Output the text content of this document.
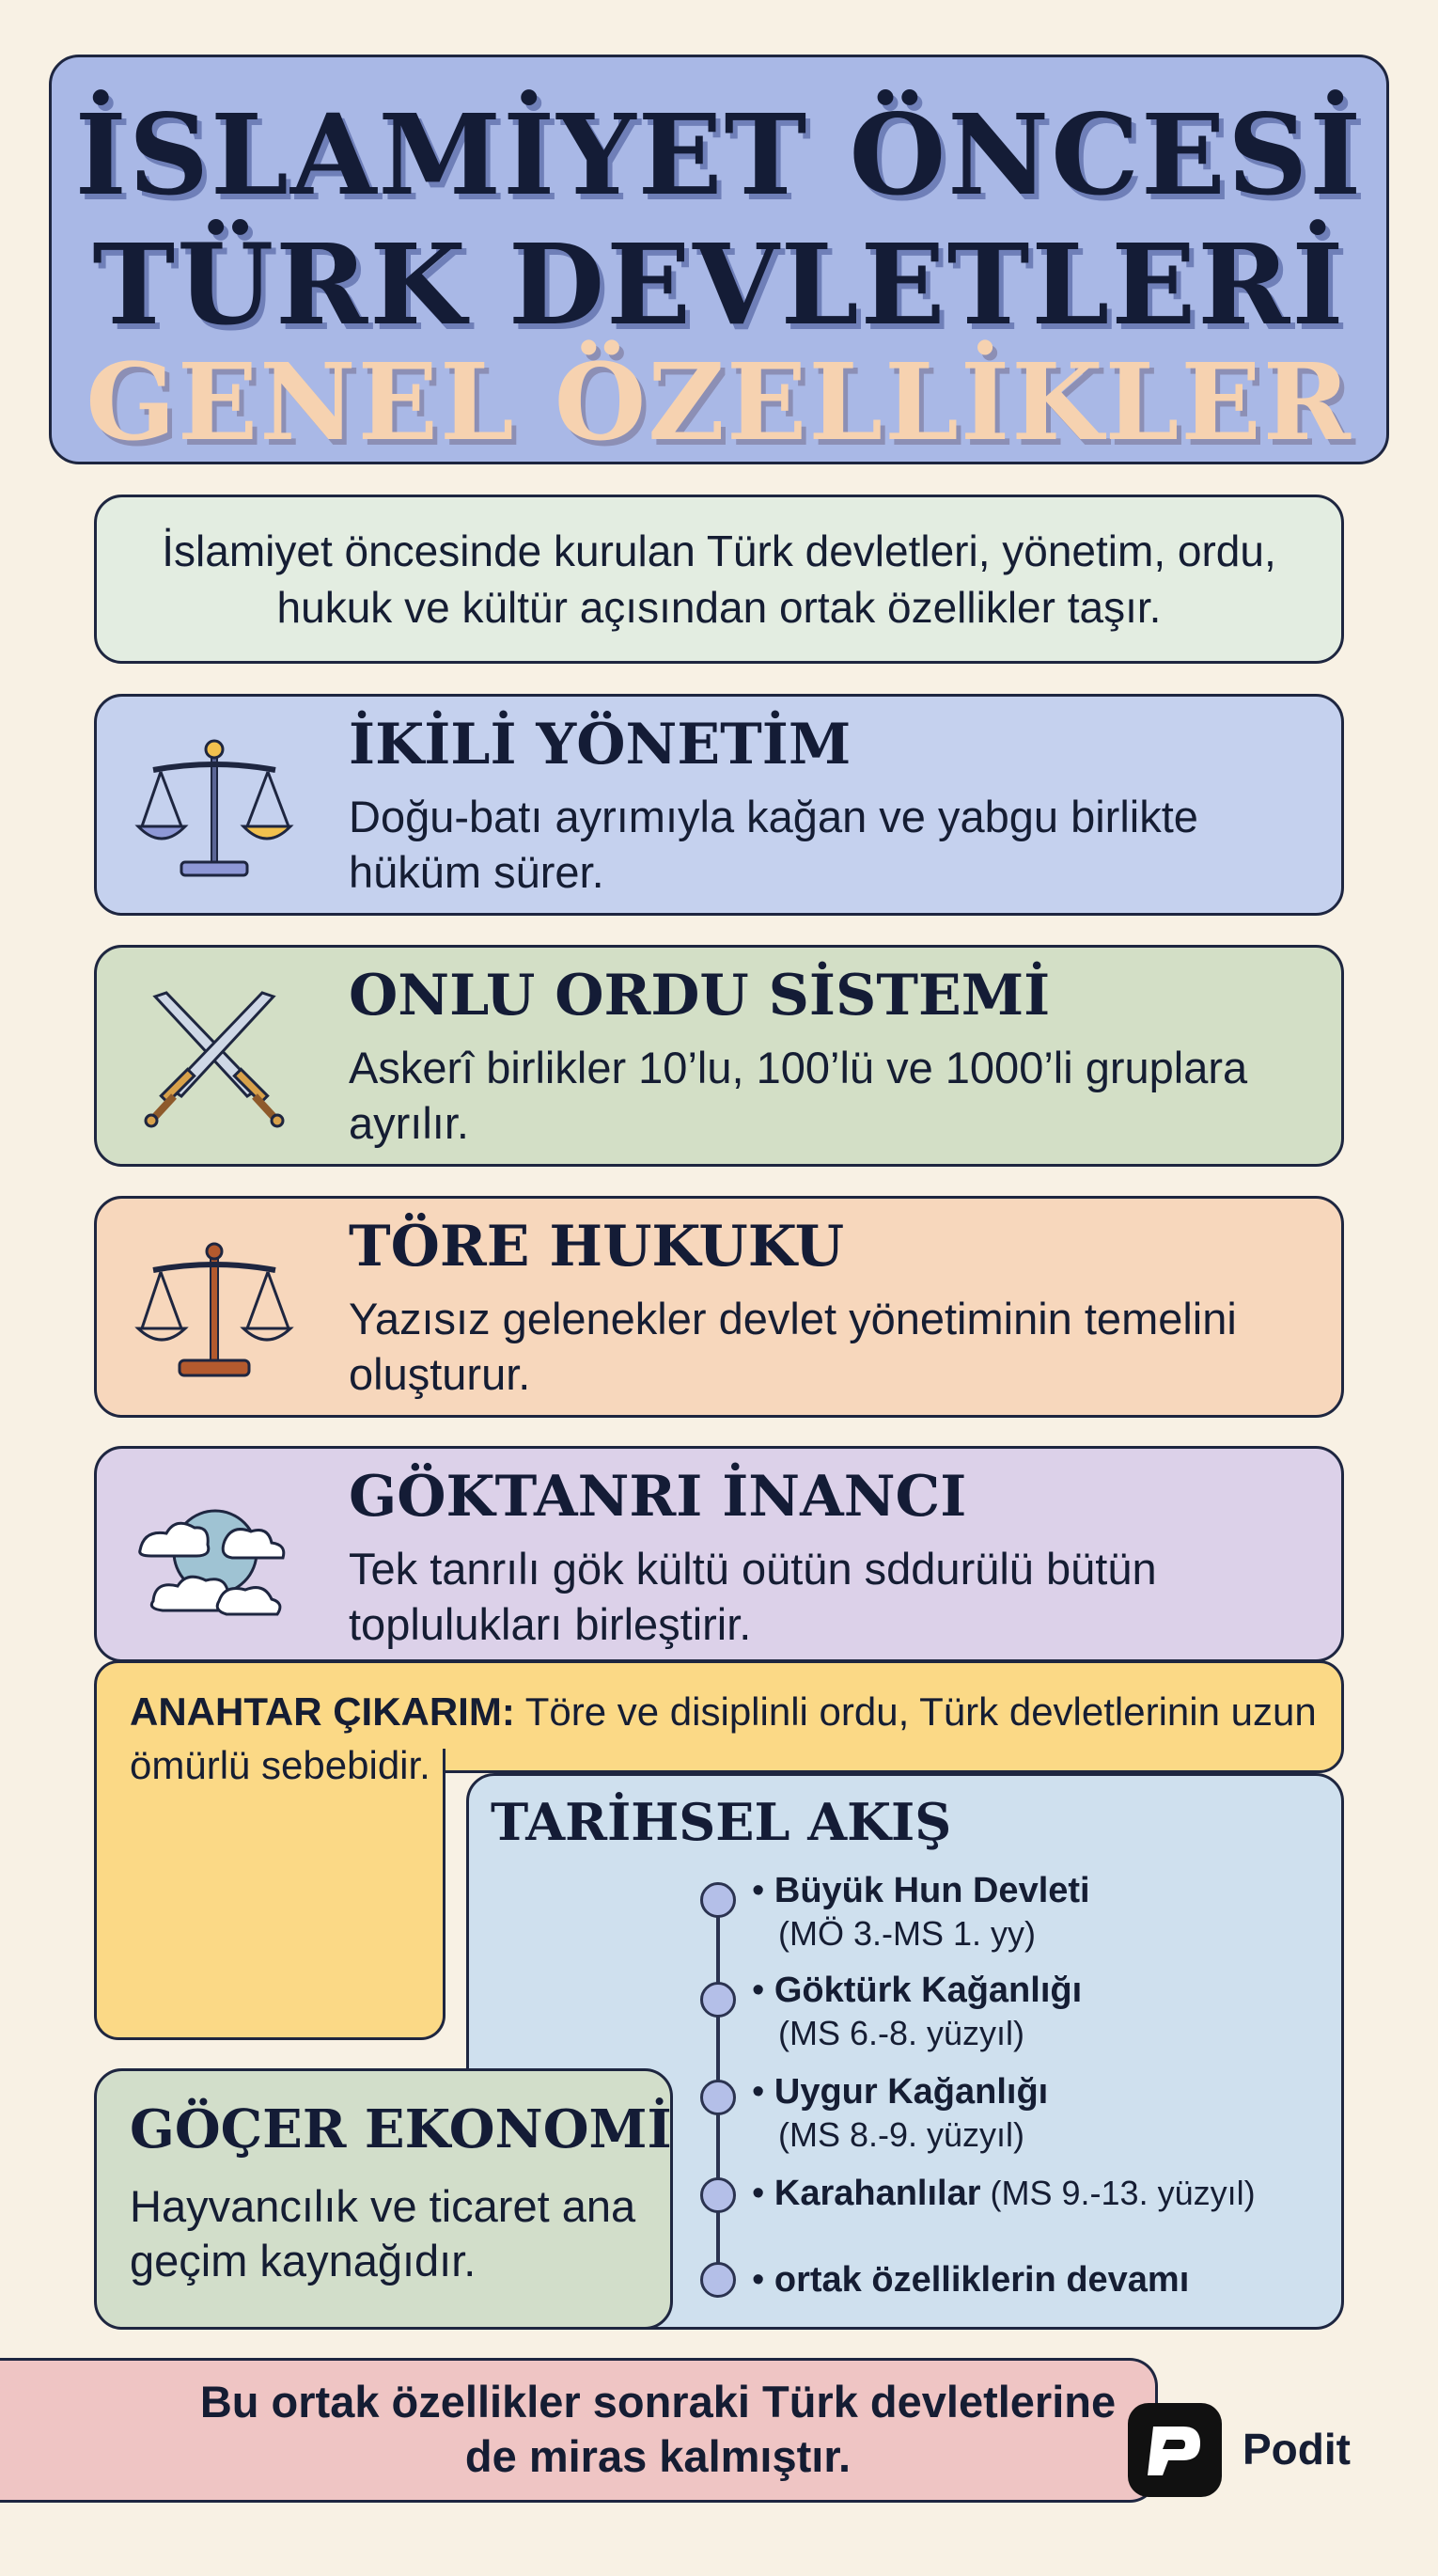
İSLAMİYET ÖNCESİ
TÜRK DEVLETLERİ
GENEL ÖZELLİKLER
İslamiyet öncesinde kurulan Türk devletleri, yönetim, ordu, hukuk ve kültür açısından ortak özellikler taşır.
İKİLİ YÖNETİM
Doğu-batı ayrımıyla kağan ve yabgu birlikte hüküm sürer.
ONLU ORDU SİSTEMİ
Askerî birlikler 10’lu, 100’lü ve 1000’li gruplara ayrılır.
TÖRE HUKUKU
Yazısız gelenekler devlet yönetiminin temelini oluşturur.
GÖKTANRI İNANCI
Tek tanrılı gök kültü oütün sddurülü bütün toplulukları birleştirir.
ANAHTAR ÇIKARIM: Töre ve disiplinli ordu, Türk devletlerinin uzun ömürlü sebebidir.
TARİHSEL AKIŞ
• Büyük Hun Devleti
(MÖ 3.-MS 1. yy)
• Göktürk Kağanlığı
(MS 6.-8. yüzyıl)
• Uygur Kağanlığı
(MS 8.-9. yüzyıl)
• Karahanlılar (MS 9.-13. yüzyıl)
• ortak özelliklerin devamı
GÖÇER EKONOMİ
Hayvancılık ve ticaret ana geçim kaynağıdır.
Bu ortak özellikler sonraki Türk devletlerine de miras kalmıştır.	Podit
